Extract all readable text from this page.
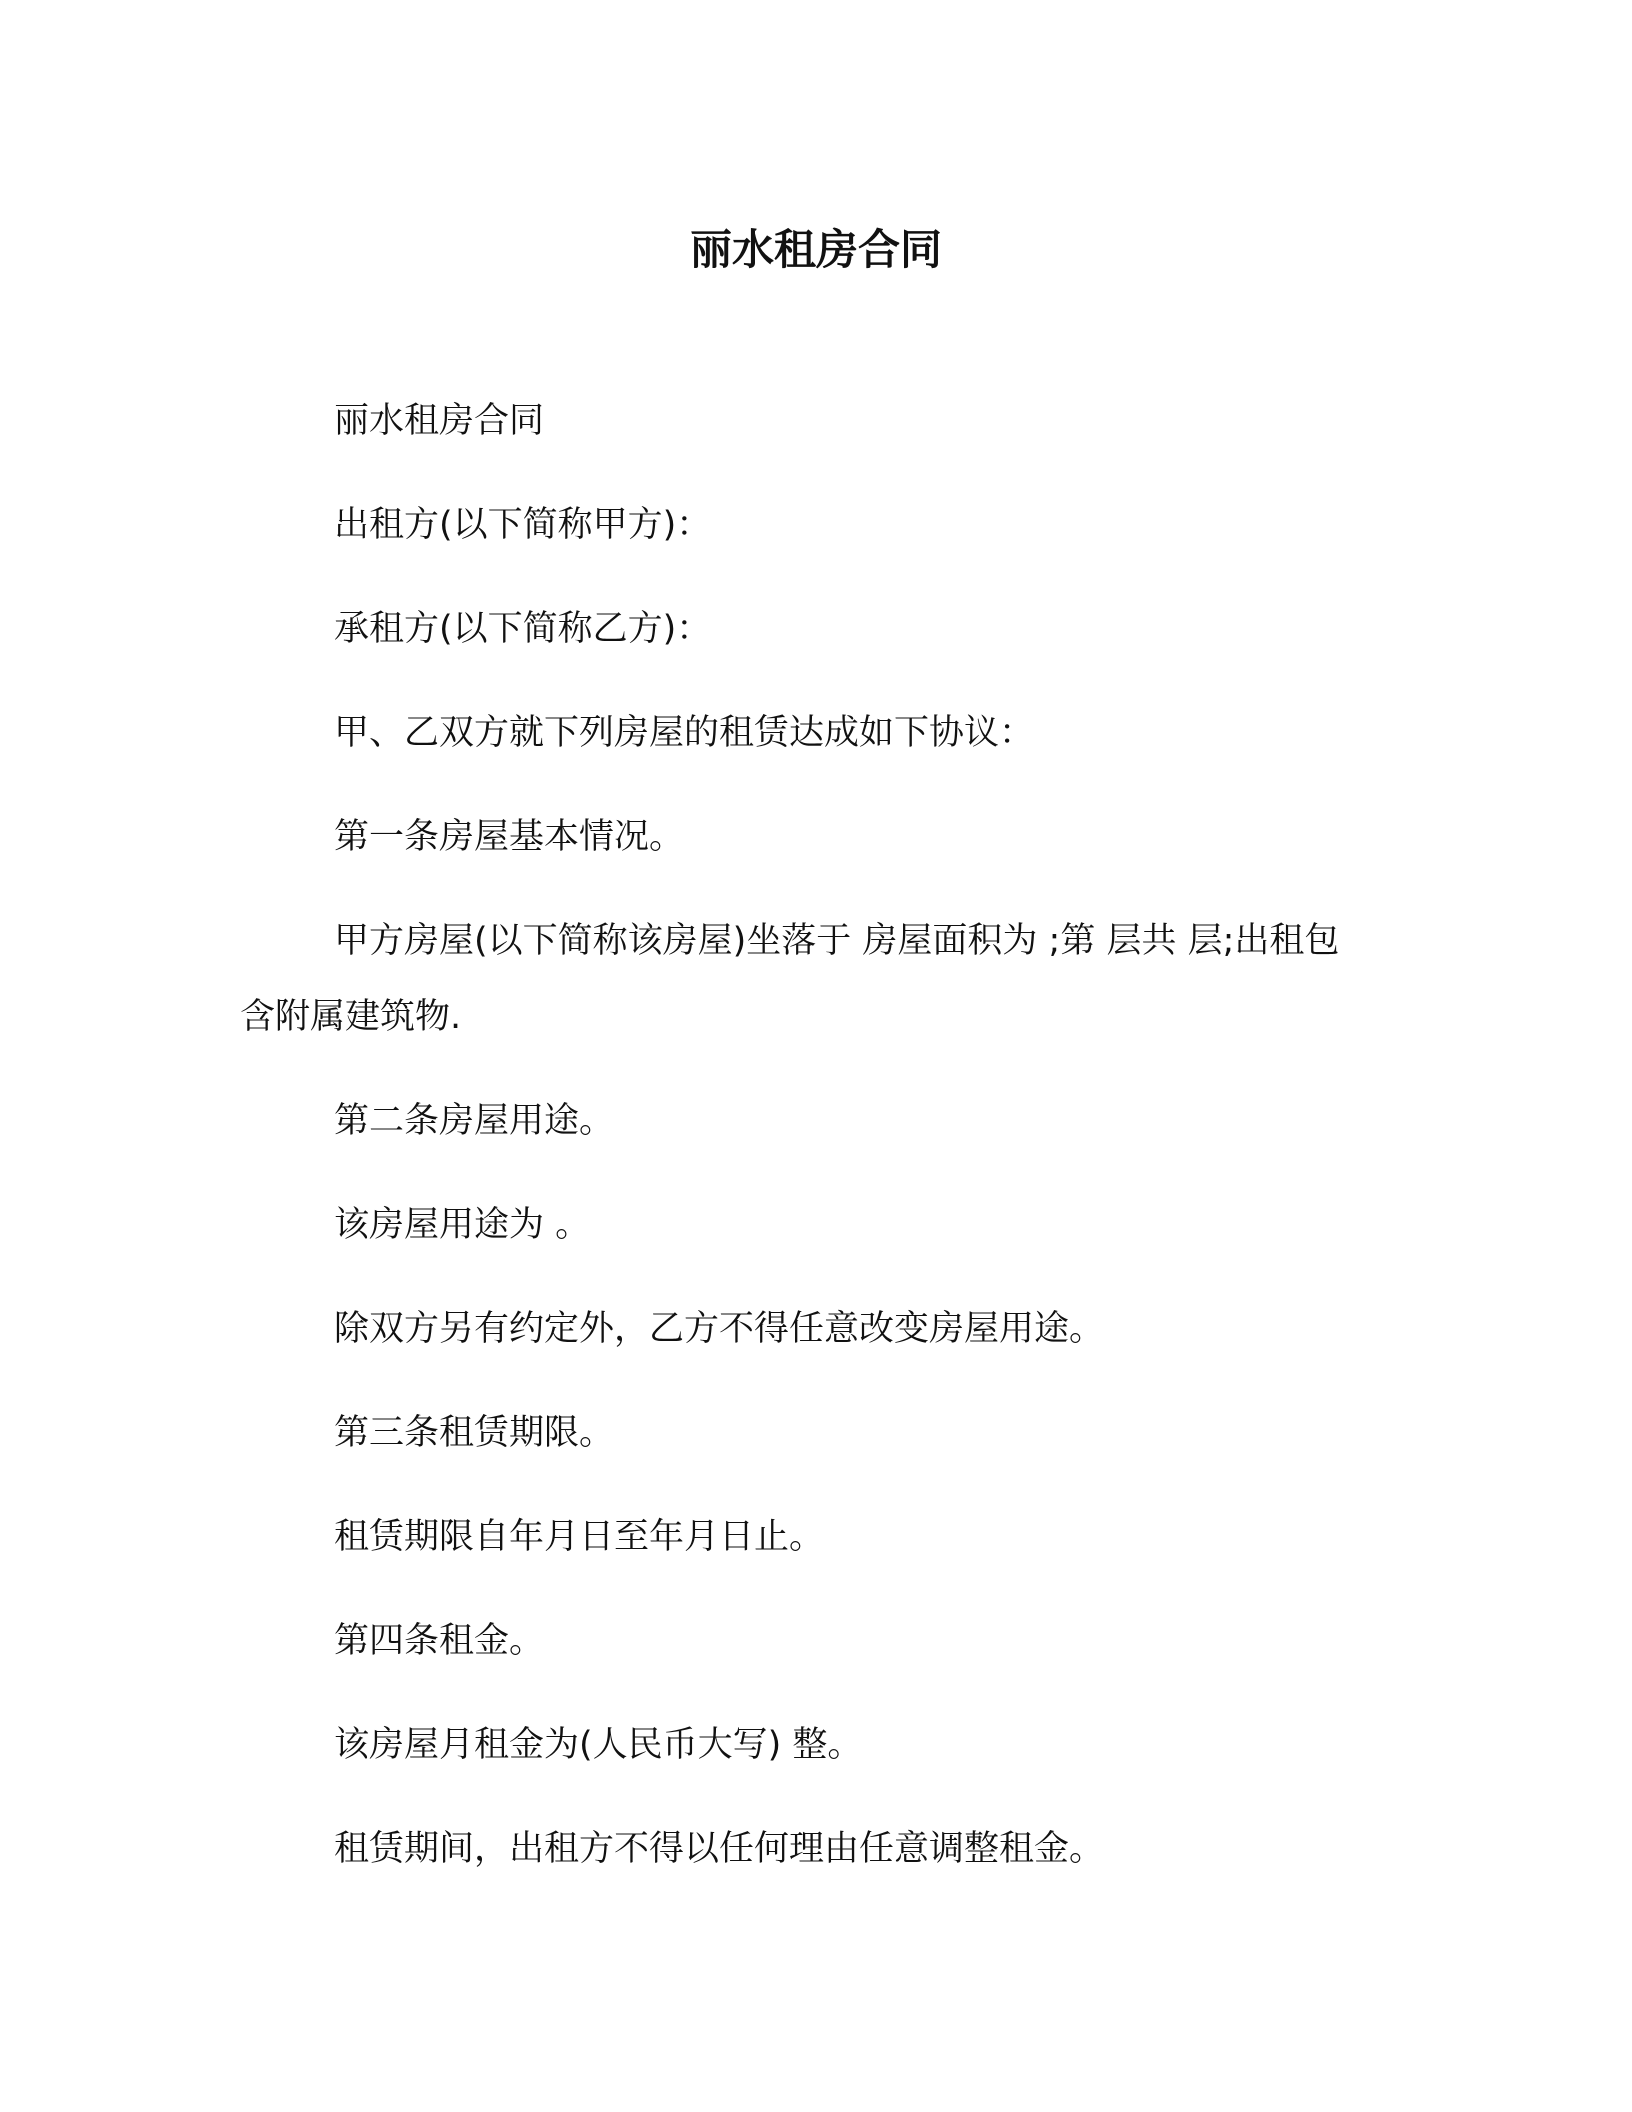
丽水租房合同
丽水租房合同
出租方(以下简称甲方)：
承租方(以下简称乙方)：
甲、乙双方就下列房屋的租赁达成如下协议：
第一条房屋基本情况。
甲方房屋(以下简称该房屋)坐落于 房屋面积为 ;第 层共 层;出租包
含附属建筑物.
第二条房屋用途。
该房屋用途为 。
除双方另有约定外，乙方不得任意改变房屋用途。
第三条租赁期限。
租赁期限自年月日至年月日止。
第四条租金。
该房屋月租金为(人民币大写) 整。
租赁期间，出租方不得以任何理由任意调整租金。
